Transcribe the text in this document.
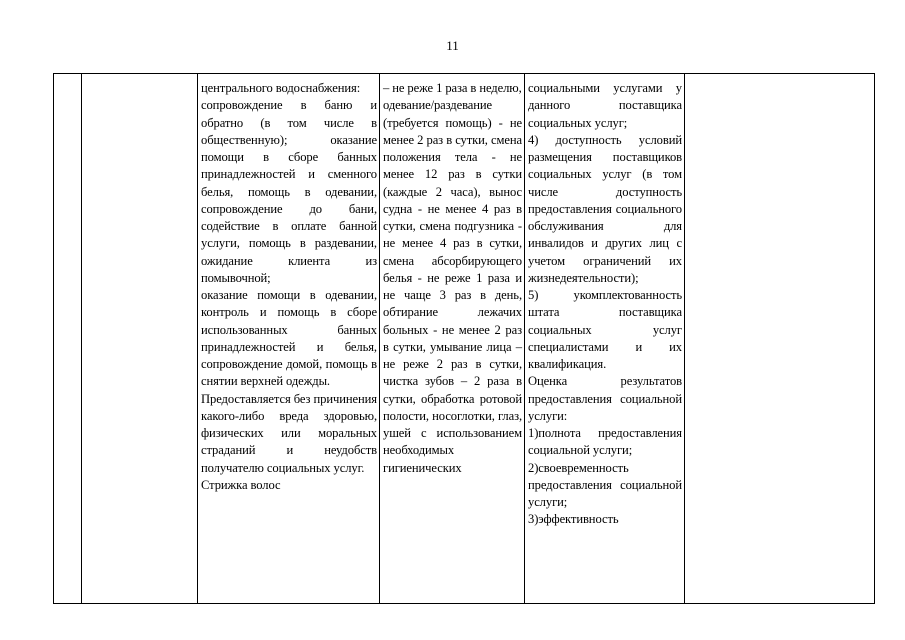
11
центрального водоснабжения:
сопровождение в баню и обратно (в том числе в общественную); оказание помощи в сборе банных принадлежностей и сменного белья, помощь в одевании, сопровождение до бани, содействие в оплате банной услуги, помощь в раздевании, ожидание клиента из помывочной;
оказание помощи в одевании, контроль и помощь в сборе использованных банных принадлежностей и белья, сопровождение домой, помощь в снятии верхней одежды.
Предоставляется без причинения какого-либо вреда здоровью, физических или моральных страданий и неудобств получателю социальных услуг.
Стрижка волос
– не реже 1 раза в неделю,
одевание/раздевание (требуется помощь) - не менее 2 раз в сутки, смена положения тела - не менее 12 раз в сутки (каждые 2 часа), вынос судна - не менее 4 раз в сутки, смена подгузника - не менее 4 раз в сутки, смена абсорбирующего белья - не реже 1 раза и не чаще 3 раз в день, обтирание лежачих больных - не менее 2 раз в сутки, умывание лица – не реже 2 раз в сутки, чистка зубов – 2 раза в сутки, обработка ротовой полости, носоглотки, глаз, ушей с использованием необходимых гигиенических
социальными услугами у данного поставщика социальных услуг;
4) доступность условий размещения поставщиков социальных услуг (в том числе доступность предоставления социального обслуживания для инвалидов и других лиц с учетом ограничений их жизнедеятельности);
5) укомплектованность штата поставщика социальных услуг специалистами и их квалификация.
Оценка результатов предоставления социальной услуги:
1)полнота предоставления социальной услуги;
2)своевременность предоставления социальной услуги;
3)эффективность
